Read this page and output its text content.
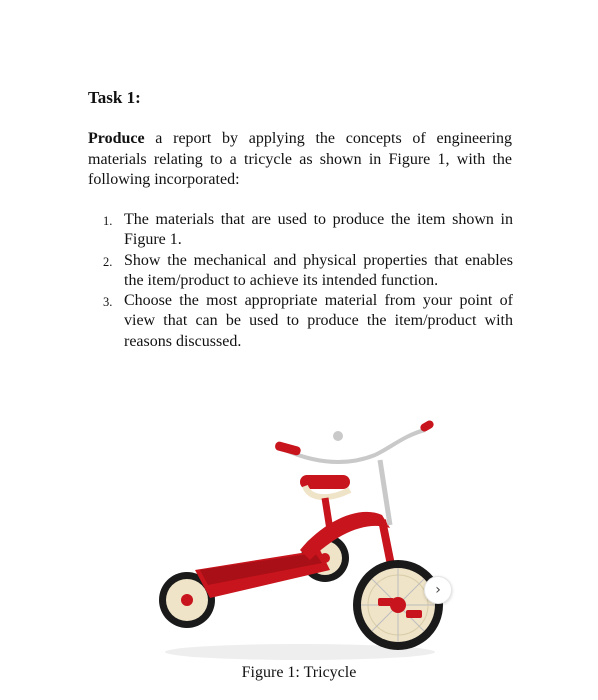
Task 1:
Produce a report by applying the concepts of engineering materials relating to a tricycle as shown in Figure 1, with the following incorporated:
1. The materials that are used to produce the item shown in Figure 1.
2. Show the mechanical and physical properties that enables the item/product to achieve its intended function.
3. Choose the most appropriate material from your point of view that can be used to produce the item/product with reasons discussed.
›
Figure 1: Tricycle
